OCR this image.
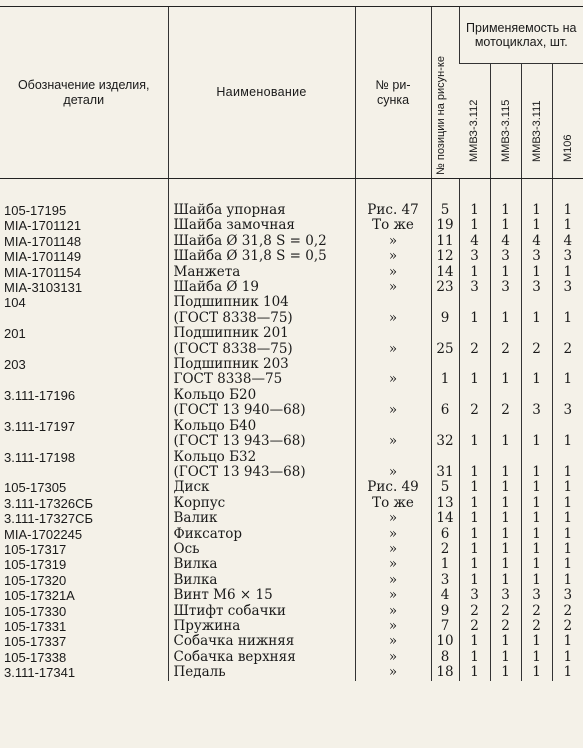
Обозначение изделия, детали	Наименование	№ ри-сунка	№ позиции на рисун-ке	Применяемость на мотоциклах, шт.			

				ММВЗ-3.112	ММВЗ-3.115	ММВЗ-3.111	М106

105-17195	Шайба упорная	Рис. 47	5	1	1	1	1
MIA-1701121	Шайба замочная	То же	19	1	1	1	1
MIA-1701148	Шайба Ø 31,8 S = 0,2	»	11	4	4	4	4
MIA-1701149	Шайба Ø 31,8 S = 0,5	»	12	3	3	3	3
MIA-1701154	Манжета	»	14	1	1	1	1
MIA-3103131	Шайба Ø 19	»	23	3	3	3	3
104	Подшипник 104
(ГОСТ 8338—75)	»	9	1	1	1	1
201	Подшипник 201
(ГОСТ 8338—75)	»	25	2	2	2	2
203	Подшипник 203
ГОСТ 8338—75	»	1	1	1	1	1
3.111-17196	Кольцо Б20
(ГОСТ 13 940—68)	»	6	2	2	3	3
3.111-17197	Кольцо Б40
(ГОСТ 13 943—68)	»	32	1	1	1	1
3.111-17198	Кольцо Б32
(ГОСТ 13 943—68)	»	31	1	1	1	1
105-17305	Диск	Рис. 49	5	1	1	1	1
3.111-17326СБ	Корпус	То же	13	1	1	1	1
3.111-17327СБ	Валик	»	14	1	1	1	1
MIA-1702245	Фиксатор	»	6	1	1	1	1
105-17317	Ось	»	2	1	1	1	1
105-17319	Вилка	»	1	1	1	1	1
105-17320	Вилка	»	3	1	1	1	1
105-17321А	Винт М6 × 15	»	4	3	3	3	3
105-17330	Штифт собачки	»	9	2	2	2	2
105-17331	Пружина	»	7	2	2	2	2
105-17337	Собачка нижняя	»	10	1	1	1	1
105-17338	Собачка верхняя	»	8	1	1	1	1
3.111-17341	Педаль	»	18	1	1	1	1
